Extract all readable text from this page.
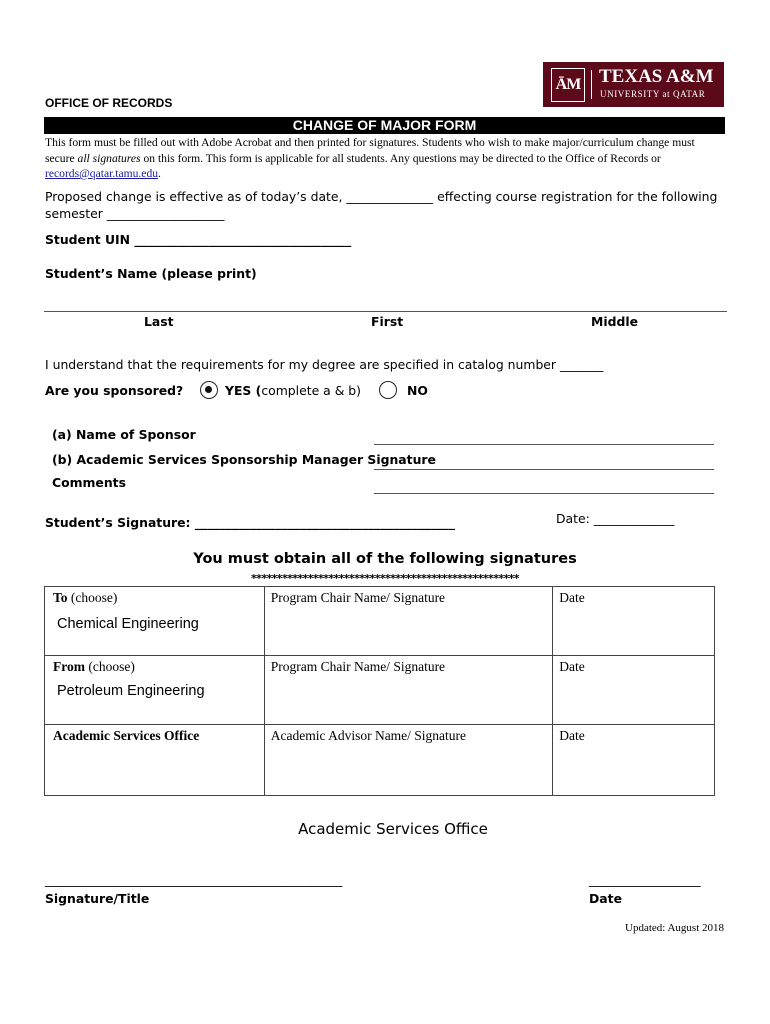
ĀM TEXAS A&M
UNIVERSITY at QATAR
OFFICE OF RECORDS
CHANGE OF MAJOR FORM
This form must be filled out with Adobe Acrobat and then printed for signatures. Students who wish to make major/curriculum change must secure all signatures on this form. This form is applicable for all students. Any questions may be directed to the Office of Records or records@qatar.tamu.edu.
Proposed change is effective as of today’s date, ______________ effecting course registration for the following
semester ___________________
Student UIN ___________________________________
Student’s Name (please print)
Last	First	Middle
I understand that the requirements for my degree are specified in catalog number _______
Are you sponsored?	YES (complete a & b)	NO
(a) Name of Sponsor
(b) Academic Services Sponsorship Manager Signature
Comments
Date: _____________
Student’s Signature: __________________________________________
You must obtain all of the following signatures
****************************************************
To (choose)
Chemical Engineering	Program Chair Name/ Signature	Date

From (choose)
Petroleum Engineering	Program Chair Name/ Signature	Date

Academic Services Office	Academic Advisor Name/ Signature	Date
Academic Services Office
________________________________________________	__________________
Signature/Title	Date
Updated: August 2018
